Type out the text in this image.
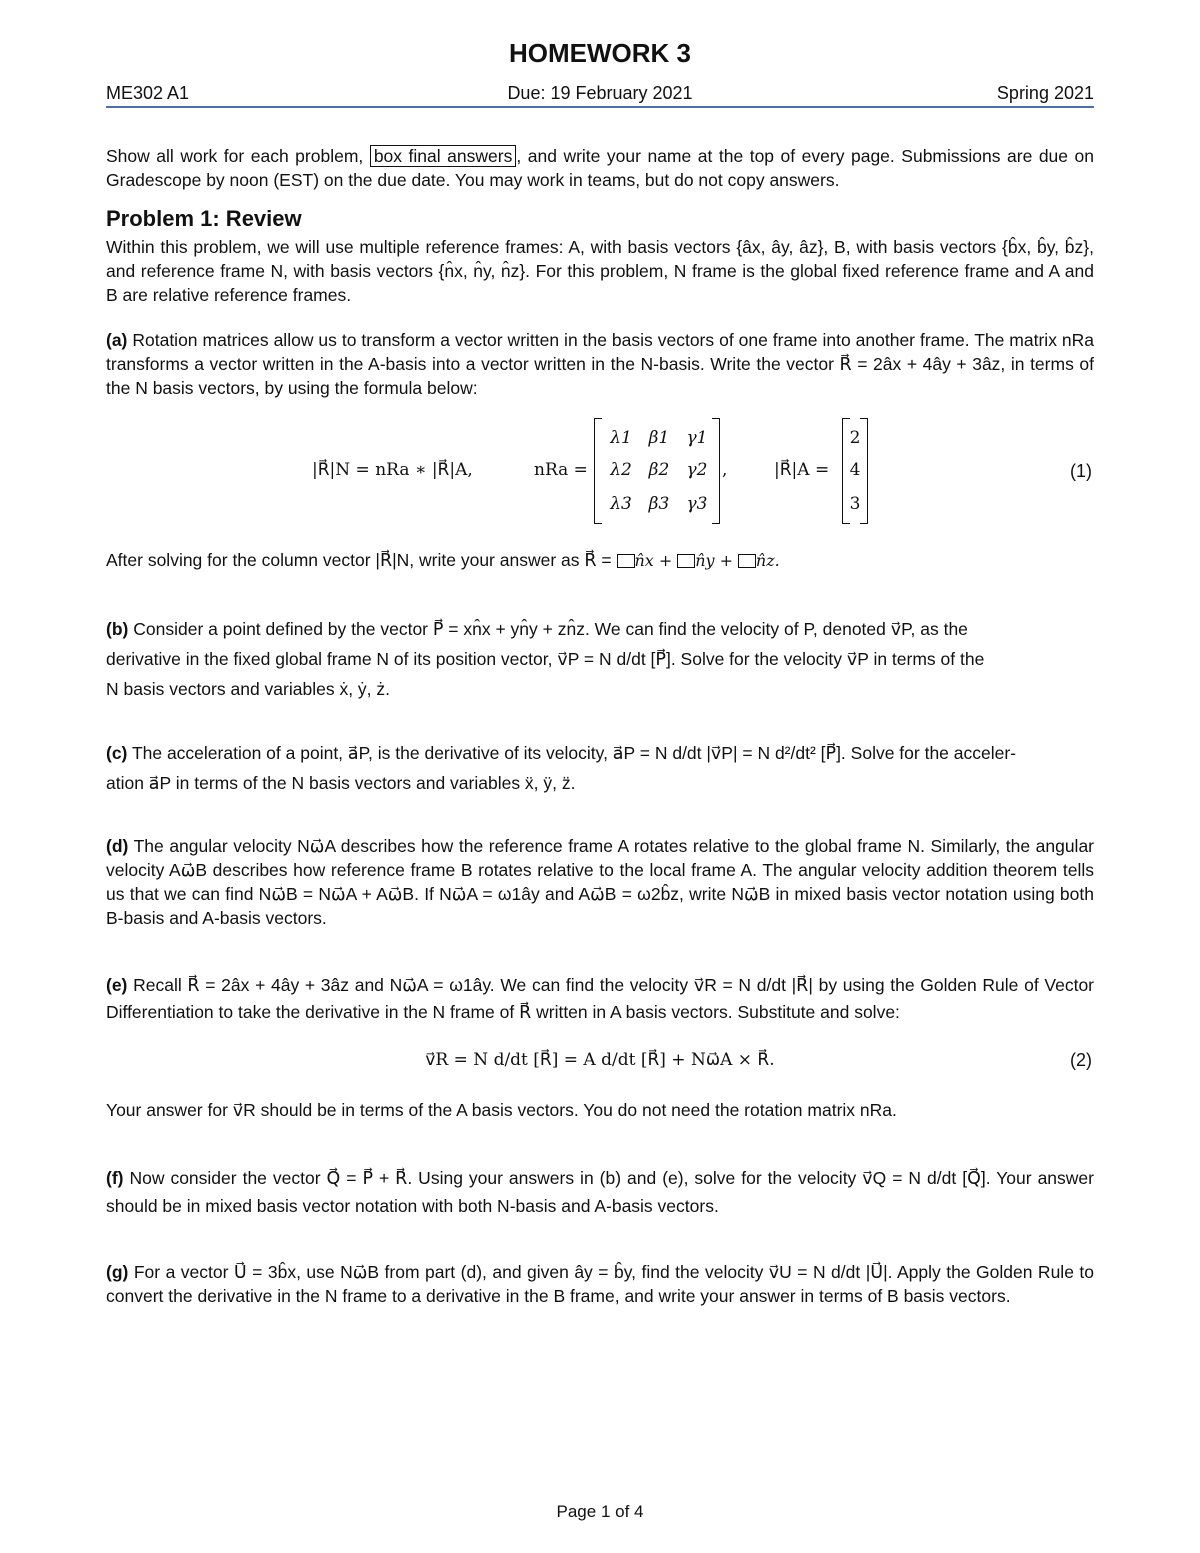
HOMEWORK 3
ME302 A1	Due: 19 February 2021	Spring 2021
Show all work for each problem, box final answers , and write your name at the top of every page. Submissions are due on Gradescope by noon (EST) on the due date. You may work in teams, but do not copy answers.
Problem 1: Review
Within this problem, we will use multiple reference frames: A, with basis vectors {âx, ây, âz}, B, with basis vectors {b̂x, b̂y, b̂z}, and reference frame N, with basis vectors {n̂x, n̂y, n̂z}. For this problem, N frame is the global fixed reference frame and A and B are relative reference frames.
(a) Rotation matrices allow us to transform a vector written in the basis vectors of one frame into another frame. The matrix nRa transforms a vector written in the A-basis into a vector written in the N-basis. Write the vector R⃗ = 2âx + 4ây + 3âz, in terms of the N basis vectors, by using the formula below:
|R⃗|N = nRa ∗ |R⃗|A,	nRa =
λ1 β1	γ1
λ2 β2	γ2
λ3 β3	γ3
,	|R⃗|A =
2
4
3
(1)
After solving for the column vector |R⃗|N, write your answer as R⃗ = n̂x + n̂y + n̂z.
(b) Consider a point defined by the vector P⃗ = xn̂x + yn̂y + zn̂z. We can find the velocity of P, denoted v⃗P, as the
derivative in the fixed global frame N of its position vector, v⃗P = N d/dt [P⃗]. Solve for the velocity v⃗P in terms of the
N basis vectors and variables ẋ, ẏ, ż.
(c) The acceleration of a point, a⃗P, is the derivative of its velocity, a⃗P = N d/dt |v⃗P| = N d²/dt² [P⃗]. Solve for the acceler-
ation a⃗P in terms of the N basis vectors and variables ẍ, ÿ, z̈.
(d) The angular velocity Nω⃗A describes how the reference frame A rotates relative to the global frame N. Similarly, the angular velocity Aω⃗B describes how reference frame B rotates relative to the local frame A. The angular velocity addition theorem tells us that we can find Nω⃗B = Nω⃗A + Aω⃗B. If Nω⃗A = ω1ây and Aω⃗B = ω2b̂z, write Nω⃗B in mixed basis vector notation using both B-basis and A-basis vectors.
(e) Recall R⃗ = 2âx + 4ây + 3âz and Nω⃗A = ω1ây. We can find the velocity v⃗R = N d/dt |R⃗| by using the Golden Rule of Vector Differentiation to take the derivative in the N frame of R⃗ written in A basis vectors. Substitute and solve:
v⃗R = N d/dt [R⃗] = A d/dt [R⃗] + Nω⃗A × R⃗.	(2)
Your answer for v⃗R should be in terms of the A basis vectors. You do not need the rotation matrix nRa.
(f) Now consider the vector Q⃗ = P⃗ + R⃗. Using your answers in (b) and (e), solve for the velocity v⃗Q = N d/dt [Q⃗]. Your answer should be in mixed basis vector notation with both N-basis and A-basis vectors.
(g) For a vector U⃗ = 3b̂x, use Nω⃗B from part (d), and given ây = b̂y, find the velocity v⃗U = N d/dt |U⃗|. Apply the Golden Rule to convert the derivative in the N frame to a derivative in the B frame, and write your answer in terms of B basis vectors.
Page 1 of 4
